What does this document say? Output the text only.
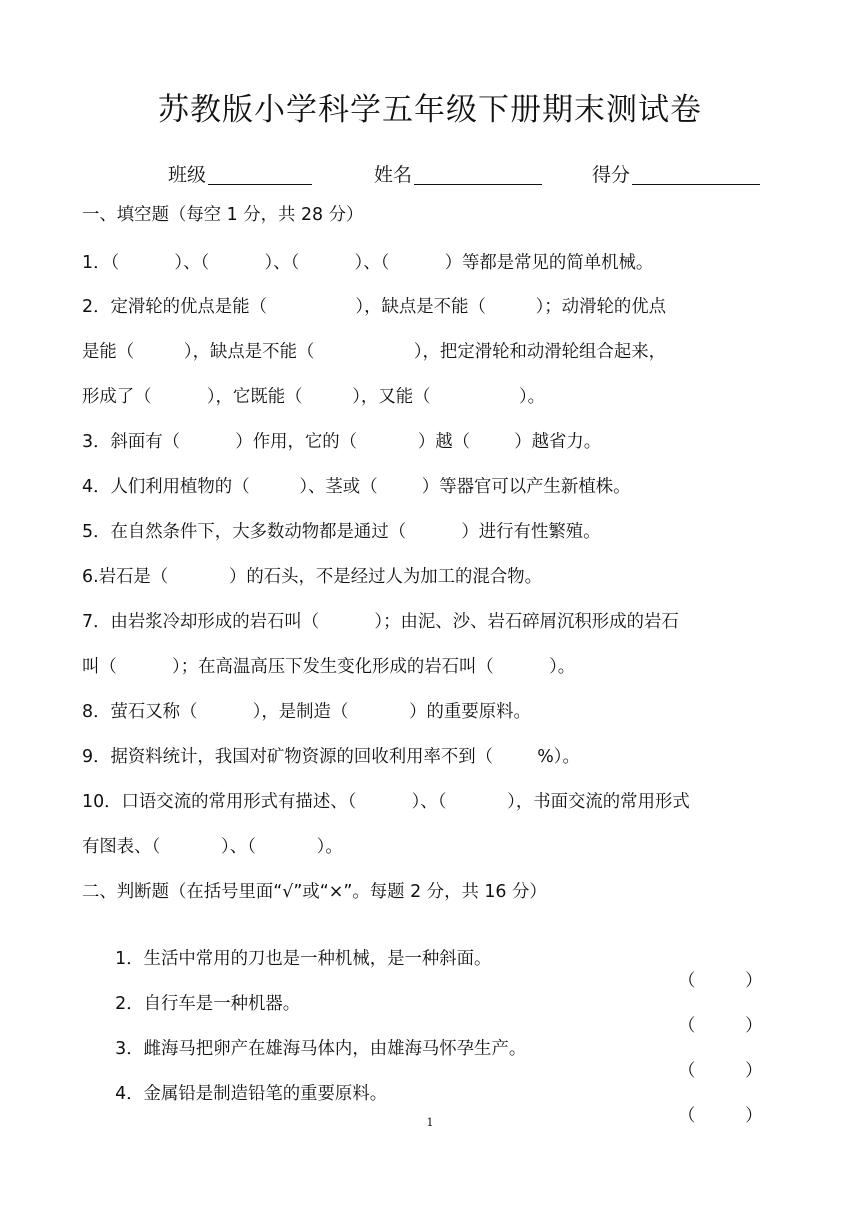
苏教版小学科学五年级下册期末测试卷
班级	姓名	得分
一、填空题（每空 1 分，共 28 分）
1．（          ）、（          ）、（          ）、（          ）等都是常见的简单机械。
2．定滑轮的优点是能（                ），缺点是不能（         ）；动滑轮的优点
是能（         ），缺点是不能（                  ），把定滑轮和动滑轮组合起来，
形成了（          ），它既能（         ），又能（                ）。
3．斜面有（          ）作用，它的（           ）越（        ）越省力。
4．人们利用植物的（         ）、茎或（        ）等器官可以产生新植株。
5．在自然条件下，大多数动物都是通过（          ）进行有性繁殖。
6.岩石是（           ）的石头，不是经过人为加工的混合物。
7．由岩浆冷却形成的岩石叫（          ）；由泥、沙、岩石碎屑沉积形成的岩石
叫（          ）；在高温高压下发生变化形成的岩石叫（          ）。
8．萤石又称（          ），是制造（           ）的重要原料。
9．据资料统计，我国对矿物资源的回收利用率不到（        %）。
10．口语交流的常用形式有描述、（          ）、（           ），书面交流的常用形式
有图表、（           ）、（           ）。
二、判断题（在括号里面“√”或“×”。每题 2 分，共 16 分）

1．生活中常用的刀也是一种机械，是一种斜面。

（         ）

2．自行车是一种机器。

（         ）

3．雌海马把卵产在雄海马体内，由雄海马怀孕生产。

（         ）

4．金属铅是制造铅笔的重要原料。

（         ）

1
